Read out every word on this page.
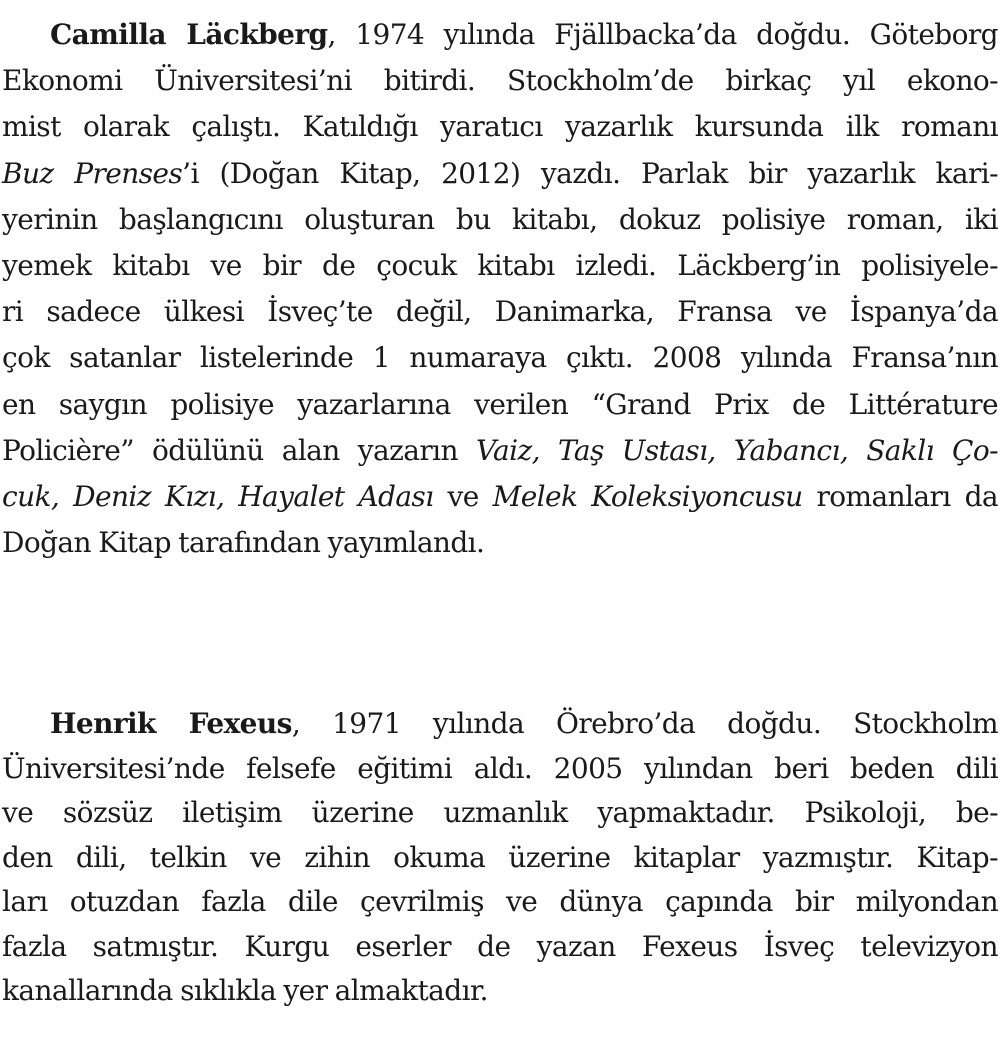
Camilla Läckberg, 1974 yılında Fjällbacka’da doğdu. Göteborg
Ekonomi Üniversitesi’ni bitirdi. Stockholm’de birkaç yıl ekono-
mist olarak çalıştı. Katıldığı yaratıcı yazarlık kursunda ilk romanı
Buz Prenses’i (Doğan Kitap, 2012) yazdı. Parlak bir yazarlık kari-
yerinin başlangıcını oluşturan bu kitabı, dokuz polisiye roman, iki
yemek kitabı ve bir de çocuk kitabı izledi. Läckberg’in polisiyele-
ri sadece ülkesi İsveç’te değil, Danimarka, Fransa ve İspanya’da
çok satanlar listelerinde 1 numaraya çıktı. 2008 yılında Fransa’nın
en saygın polisiye yazarlarına verilen “Grand Prix de Littérature
Policière” ödülünü alan yazarın Vaiz, Taş Ustası, Yabancı, Saklı Ço-
cuk, Deniz Kızı, Hayalet Adası ve Melek Koleksiyoncusu romanları da
Doğan Kitap tarafından yayımlandı.
Henrik Fexeus, 1971 yılında Örebro’da doğdu. Stockholm
Üniversitesi’nde felsefe eğitimi aldı. 2005 yılından beri beden dili
ve sözsüz iletişim üzerine uzmanlık yapmaktadır. Psikoloji, be-
den dili, telkin ve zihin okuma üzerine kitaplar yazmıştır. Kitap-
ları otuzdan fazla dile çevrilmiş ve dünya çapında bir milyondan
fazla satmıştır. Kurgu eserler de yazan Fexeus İsveç televizyon
kanallarında sıklıkla yer almaktadır.
